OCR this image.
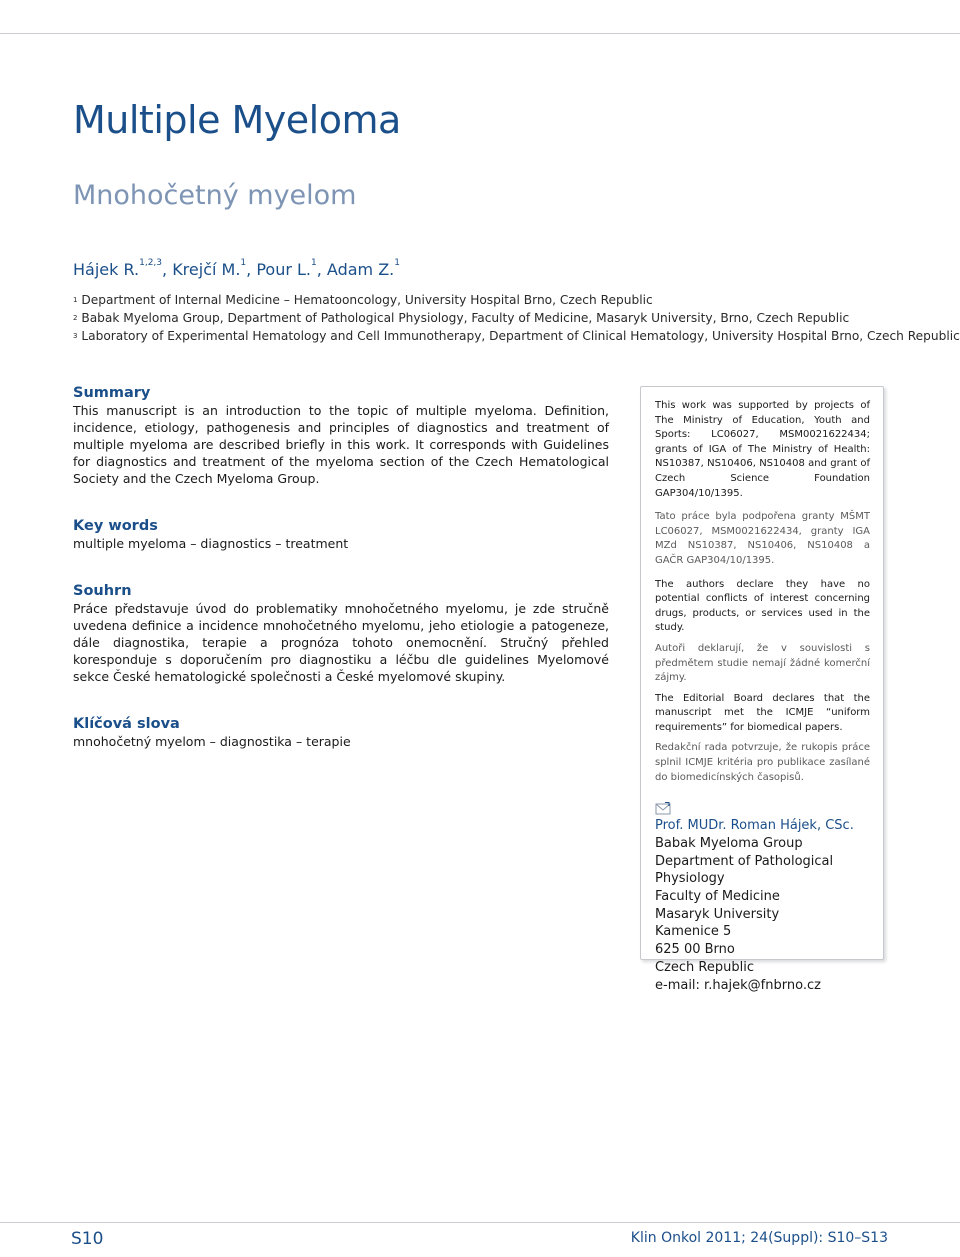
Multiple Myeloma
Mnohočetný myelom
Hájek R.$^{1,2,3}$, Krejčí M.$^1$, Pour L.$^1$, Adam Z.$^1$
$^1$ Department of Internal Medicine – Hematooncology, University Hospital Brno, Czech Republic
$^2$ Babak Myeloma Group, Department of Pathological Physiology, Faculty of Medicine, Masaryk University, Brno, Czech Republic
$^3$ Laboratory of Experimental Hematology and Cell Immunotherapy, Department of Clinical Hematology, University Hospital Brno, Czech Republic
Summary

This manuscript is an introduction to the topic of multiple myeloma. Definition, incidence, etiology, pathogenesis and principles of diagnostics and treatment of multiple myeloma are described briefly in this work. It corresponds with Guidelines for diagnostics and treatment of the myeloma section of the Czech Hematological Society and the Czech Myeloma Group.

Key words

multiple myeloma – diagnostics – treatment

Souhrn

Práce představuje úvod do problematiky mnohočetného myelomu, je zde stručně uvedena definice a incidence mnohočetného myelomu, jeho etiologie a patogeneze, dále diagnostika, terapie a prognóza tohoto onemocnění. Stručný přehled koresponduje s doporučením pro diagnostiku a léčbu dle guidelines Myelomové sekce České hematologické společnosti a České myelomové skupiny.

Klíčová slova

mnohočetný myelom – diagnostika – terapie

This work was supported by projects of The Ministry of Education, Youth and Sports: LC06027, MSM0021622434; grants of IGA of The Ministry of Health: NS10387, NS10406, NS10408 and grant of Czech Science Foundation GAP304/10/1395.

Tato práce byla podpořena granty MŠMT LC06027, MSM0021622434, granty IGA MZd NS10387, NS10406, NS10408 a GAČR GAP304/10/1395.

The authors declare they have no potential conflicts of interest concerning drugs, products, or services used in the study.

Autoři deklarují, že v souvislosti s předmětem studie nemají žádné komerční zájmy.

The Editorial Board declares that the manuscript met the ICMJE “uniform requirements” for biomedical papers.

Redakční rada potvrzuje, že rukopis práce splnil ICMJE kritéria pro publikace zasílané do biomedicínských časopisů.

Prof. MUDr. Roman Hájek, CSc.
Babak Myeloma Group
Department of Pathological
Physiology
Faculty of Medicine
Masaryk University
Kamenice 5
625 00 Brno
Czech Republic
e-mail: r.hajek@fnbrno.cz
S10	Klin Onkol 2011; 24(Suppl): S10–S13
